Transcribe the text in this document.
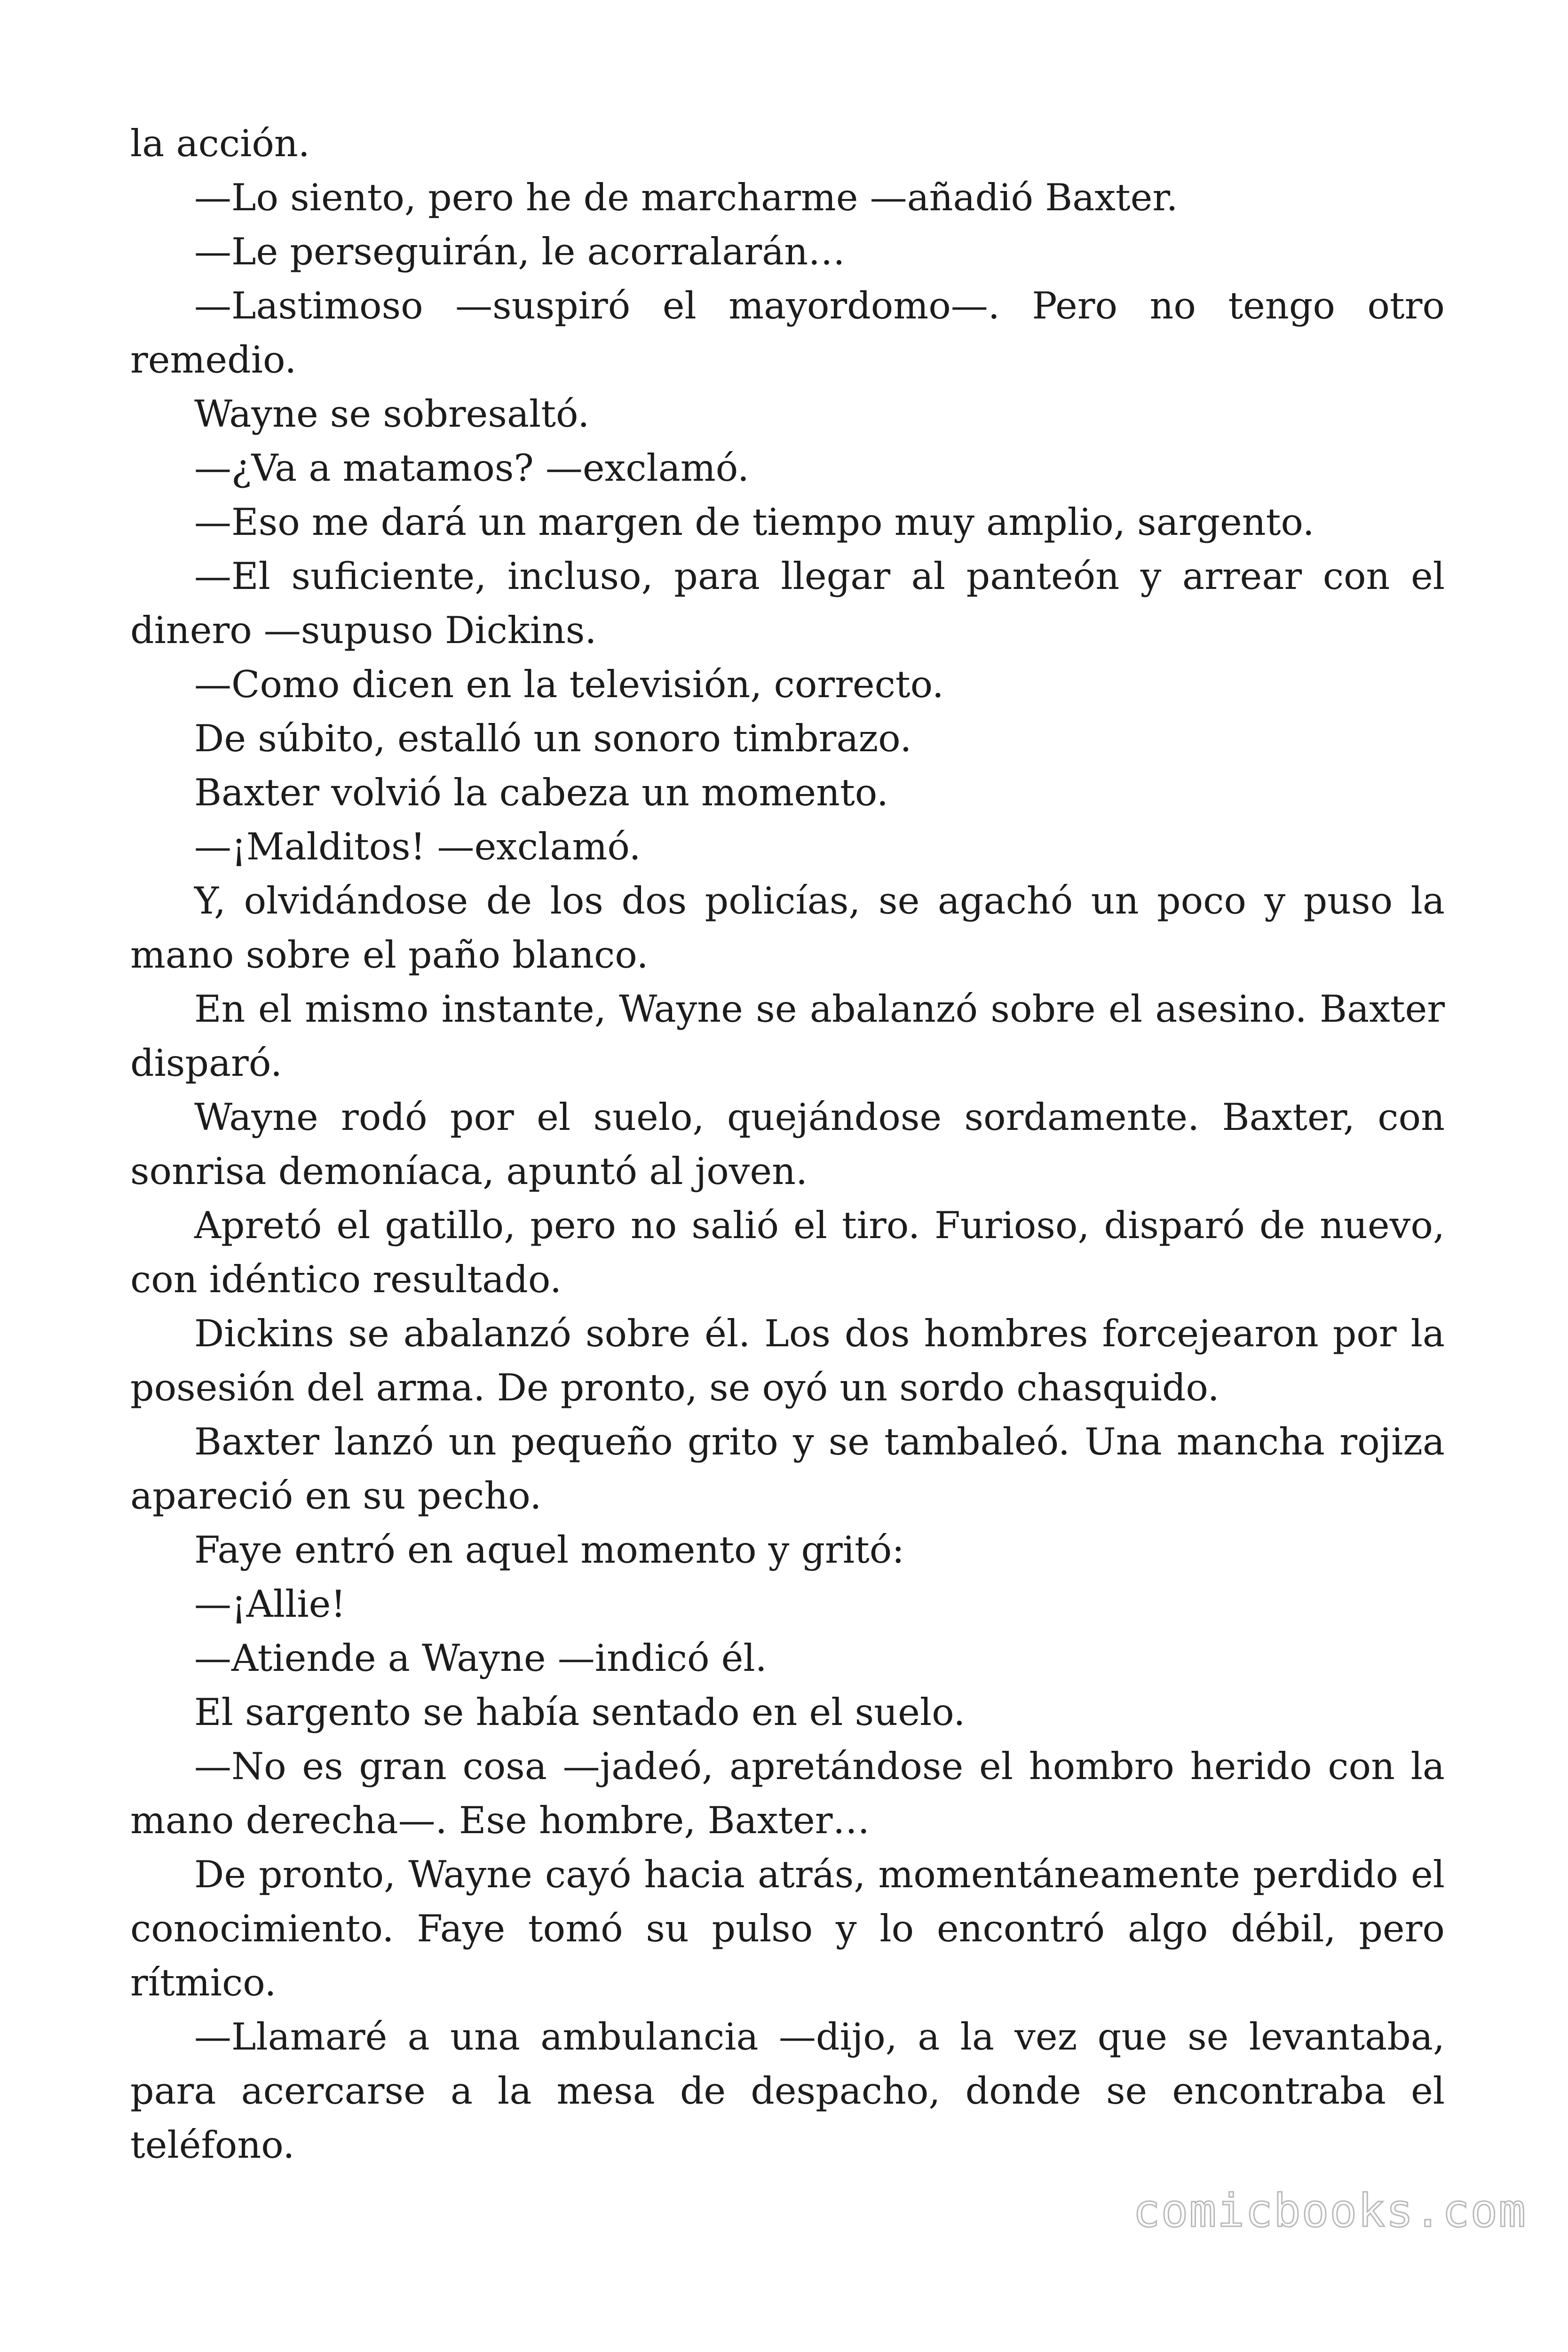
la acción.

—Lo siento, pero he de marcharme —añadió Baxter.

—Le perseguirán, le acorralarán…

—Lastimoso —suspiró el mayordomo—. Pero no tengo otro remedio.

Wayne se sobresaltó.

—¿Va a matamos? —exclamó.

—Eso me dará un margen de tiempo muy amplio, sargento.

—El suficiente, incluso, para llegar al panteón y arrear con el dinero —supuso Dickins.

—Como dicen en la televisión, correcto.

De súbito, estalló un sonoro timbrazo.

Baxter volvió la cabeza un momento.

—¡Malditos! —exclamó.

Y, olvidándose de los dos policías, se agachó un poco y puso la mano sobre el paño blanco.

En el mismo instante, Wayne se abalanzó sobre el asesino. Baxter disparó.

Wayne rodó por el suelo, quejándose sordamente. Baxter, con sonrisa demoníaca, apuntó al joven.

Apretó el gatillo, pero no salió el tiro. Furioso, disparó de nuevo, con idéntico resultado.

Dickins se abalanzó sobre él. Los dos hombres forcejearon por la posesión del arma. De pronto, se oyó un sordo chasquido.

Baxter lanzó un pequeño grito y se tambaleó. Una mancha rojiza apareció en su pecho.

Faye entró en aquel momento y gritó:

—¡Allie!

—Atiende a Wayne —indicó él.

El sargento se había sentado en el suelo.

—No es gran cosa —jadeó, apretándose el hombro herido con la mano derecha—. Ese hombre, Baxter…

De pronto, Wayne cayó hacia atrás, momentáneamente perdido el conocimiento. Faye tomó su pulso y lo encontró algo débil, pero rítmico.

—Llamaré a una ambulancia —dijo, a la vez que se levantaba, para acercarse a la mesa de despacho, donde se encontraba el teléfono.

comicbooks.com
